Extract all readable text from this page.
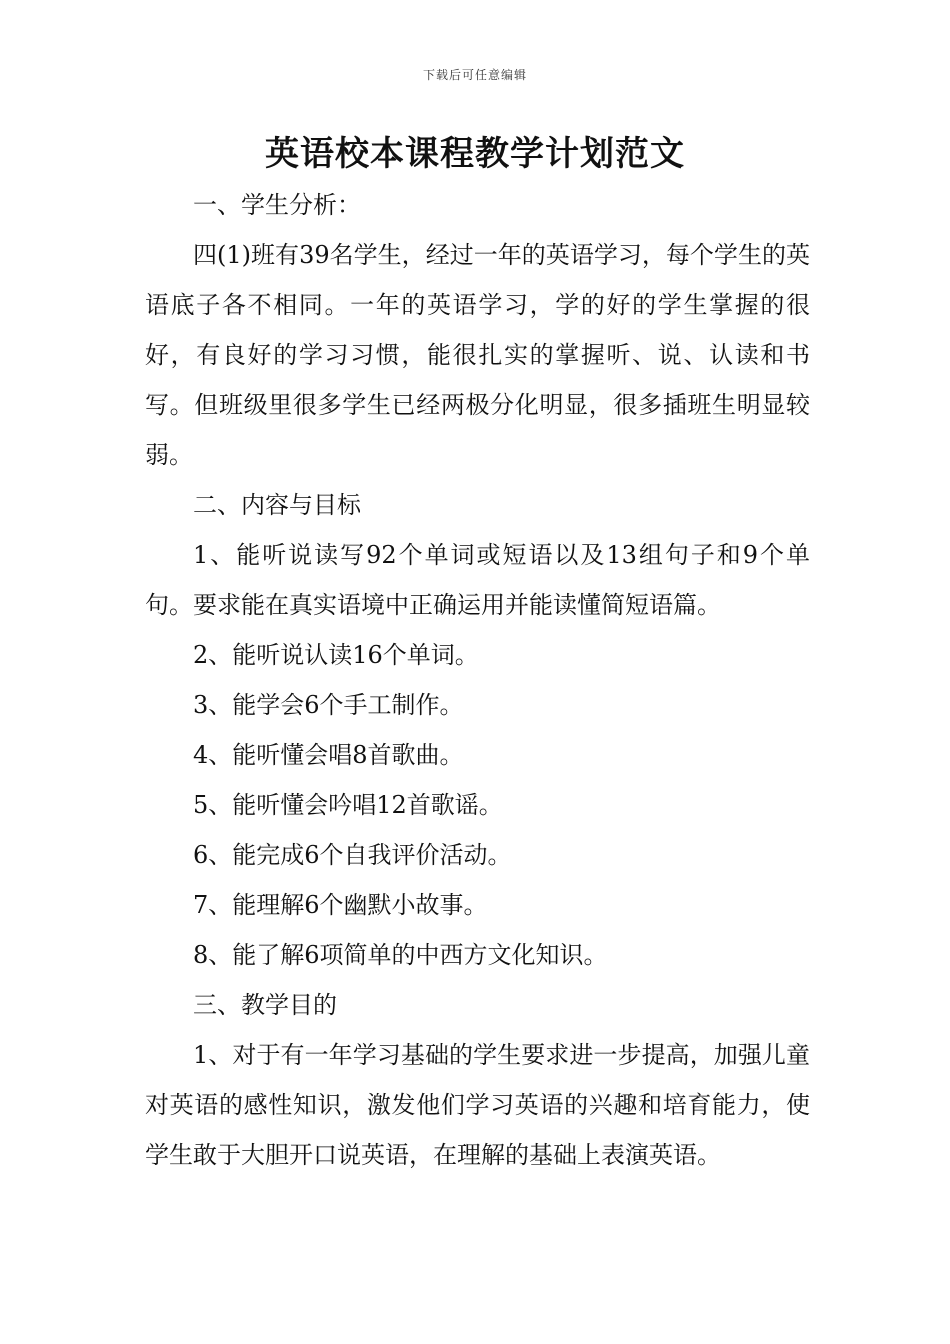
下载后可任意编辑
英语校本课程教学计划范文

一、学生分析：

四(1)班有39名学生，经过一年的英语学习，每个学生的英语底子各不相同。一年的英语学习，学的好的学生掌握的很好，有良好的学习习惯，能很扎实的掌握听、说、认读和书写。但班级里很多学生已经两极分化明显，很多插班生明显较弱。

二、内容与目标

1、能听说读写92个单词或短语以及13组句子和9个单句。要求能在真实语境中正确运用并能读懂简短语篇。

2、能听说认读16个单词。

3、能学会6个手工制作。

4、能听懂会唱8首歌曲。

5、能听懂会吟唱12首歌谣。

6、能完成6个自我评价活动。

7、能理解6个幽默小故事。

8、能了解6项简单的中西方文化知识。

三、教学目的

1、对于有一年学习基础的学生要求进一步提高，加强儿童对英语的感性知识，激发他们学习英语的兴趣和培育能力，使学生敢于大胆开口说英语，在理解的基础上表演英语。
